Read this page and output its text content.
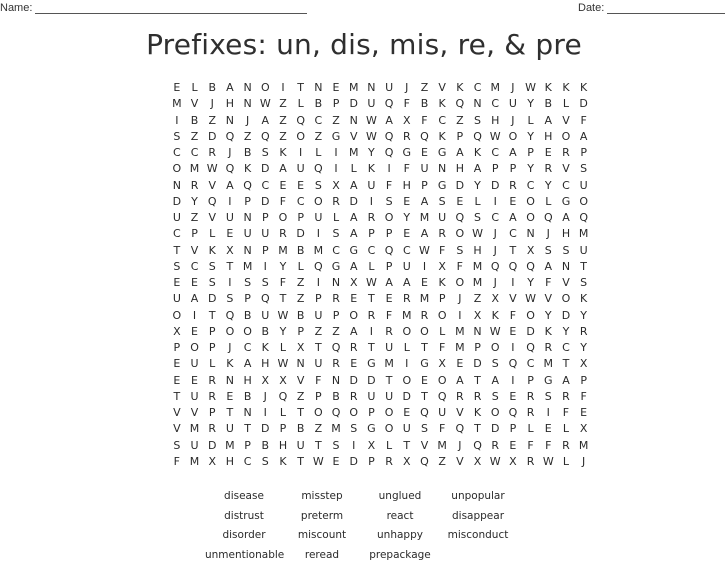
Name:	Date:
Prefixes: un, dis, mis, re, & pre
E	L B A N O	I	T N E M N U	J	Z V K C M	J W K K K
M V	J	H N W Z L B P D U Q F B K Q N C U Y B L D
I	B Z N	J	A Z Q C Z N W A X F C Z S H	J	L A V F
S Z D Q Z Q Z O Z G V W Q R Q K P Q W O Y H O A
C C R	J	B S K	I	L	I	M Y Q G E G A K C A P E R P
O M W Q K D A U Q	I	L	K	I	F U N H A P	P	Y R V S
N R V A Q C E E S X A U F H P G D Y D R C Y C U
D Y Q	I	P D F C O R D	I	S E A S E	L	I	E O L G O
U Z V U N P O P U L A R O Y M U Q S C A O Q A Q
C P	L	E U U R D	I	S A P	P E A R O W J	C N	J	H M
T V K X N P M B M C G C Q C W F	S H	J	T X S S U
S C S T M	I	Y	L Q G A L	P U	I	X F M Q Q Q A N T
E E S	I	S S	F Z	I	N X W A A E K O M	J	I	Y	F V S
U A D S P Q T Z P R E T E R M P	J	Z X V W V O K
O	I	T Q B U W B U P O R F M R O	I	X K F O Y D Y
X E P O O B Y	P Z Z A	I	R O O L M N W E D K Y R
P O P	J	C K	L X T Q R T U L	T	F M P O	I	Q R C Y
E U L	K A H W N U R E G M	I	G X E D S Q C M T X
E E R N H X X V F N D D T O E O A T A	I	P G A P
T U R E B	J	Q Z P B R U U D T Q R R S E R S R F
V V P	T N	I	L	T O Q O P O E Q U V K O Q R	I	F	E
V M R U T D P B Z M S G O U S	F Q T D P	L	E	L X
S U D M P B H U T S	I	X L	T V M	J	Q R E	F	F R M
F M X H C S K T W E D P R X Q Z V X W X R W L	J
disease	misstep	unglued	unpopular
distrust	preterm	react	disappear
disorder	miscount	unhappy	misconduct
unmentionable	reread	prepackage
